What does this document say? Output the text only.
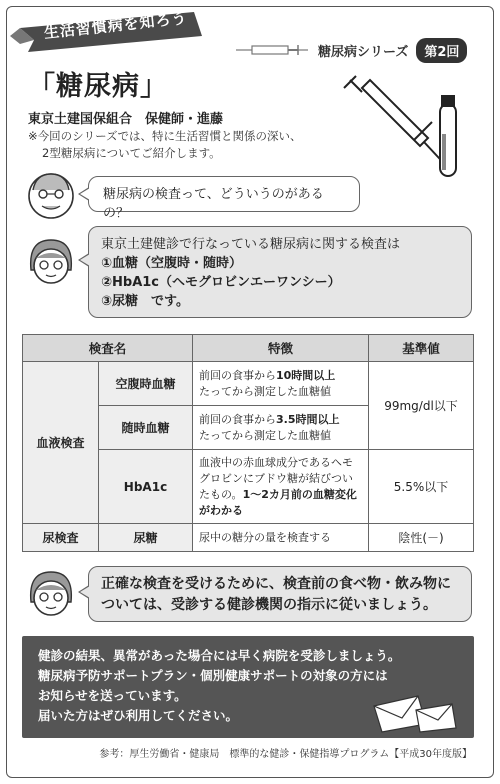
生活習慣病を知ろう
糖尿病シリーズ	第2回
「糖尿病」
東京土建国保組合　保健師・進藤
※今回のシリーズでは、特に生活習慣と関係の深い、
2型糖尿病についてご紹介します。
糖尿病の検査って、どういうのがあるの？
東京土建健診で行なっている糖尿病に関する検査は
①血糖（空腹時・随時）
②HbA1c（ヘモグロビンエーワンシー）
③尿糖　です。
検査名		特徴	基準値
血液検査	空腹時血糖	前回の食事から10時間以上
たってから測定した血糖値	99mg/dl以下
	随時血糖	前回の食事から3.5時間以上
たってから測定した血糖値	
	HbA1c	血液中の赤血球成分であるヘモグロビンにブドウ糖が結びついたもの。1～2カ月前の血糖変化がわかる	5.5%以下
尿検査	尿糖	尿中の糖分の量を検査する	陰性(－)
正確な検査を受けるために、検査前の食べ物・飲み物に
ついては、受診する健診機関の指示に従いましょう。
健診の結果、異常があった場合には早く病院を受診しましょう。
糖尿病予防サポートプラン・個別健康サポートの対象の方には
お知らせを送っています。
届いた方はぜひ利用してください。
参考：厚生労働省・健康局　標準的な健診・保健指導プログラム【平成30年度版】
